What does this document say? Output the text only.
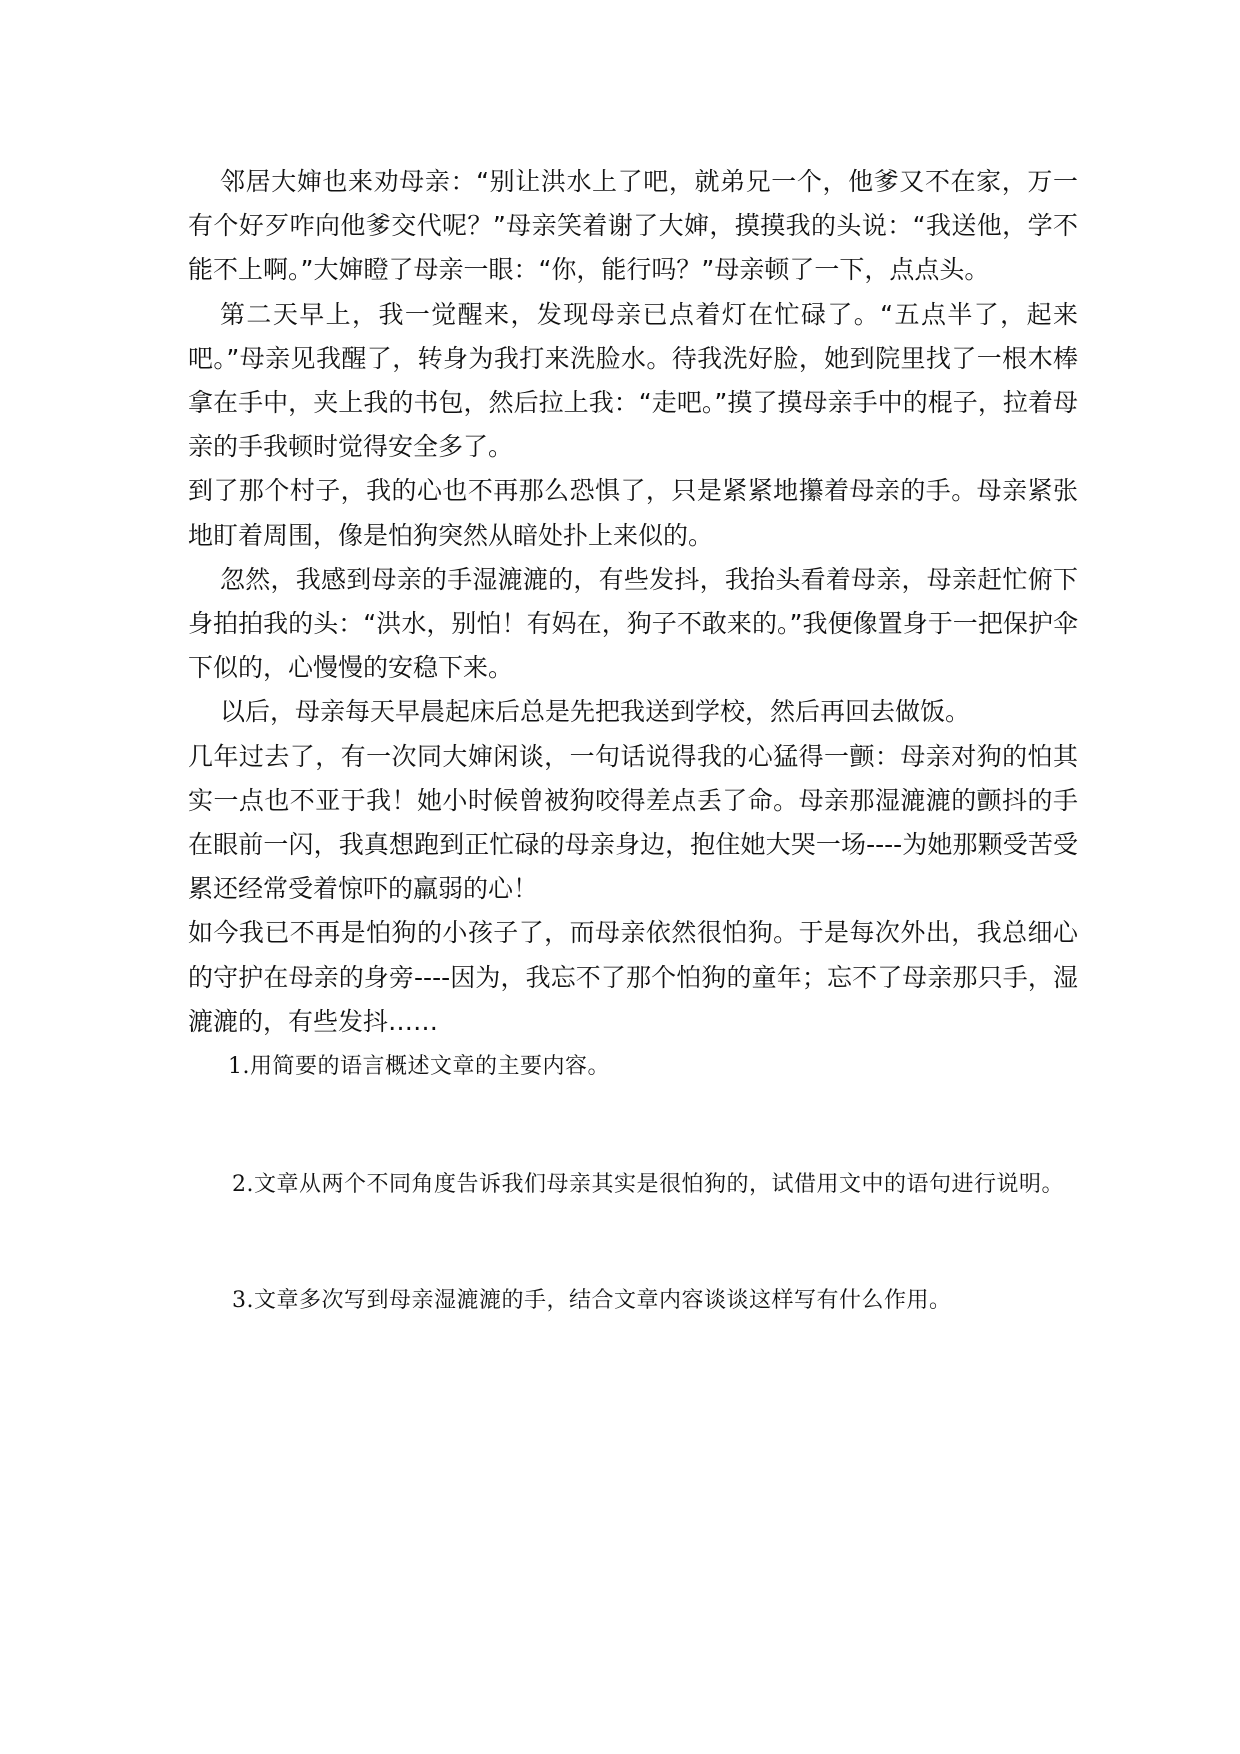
邻居大婶也来劝母亲：“别让洪水上了吧，就弟兄一个，他爹又不在家，万一有个好歹咋向他爹交代呢？”母亲笑着谢了大婶，摸摸我的头说：“我送他，学不能不上啊。”大婶瞪了母亲一眼：“你，能行吗？”母亲顿了一下，点点头。

第二天早上，我一觉醒来，发现母亲已点着灯在忙碌了。“五点半了，起来吧。”母亲见我醒了，转身为我打来洗脸水。待我洗好脸，她到院里找了一根木棒拿在手中，夹上我的书包，然后拉上我：“走吧。”摸了摸母亲手中的棍子，拉着母亲的手我顿时觉得安全多了。

到了那个村子，我的心也不再那么恐惧了，只是紧紧地攥着母亲的手。母亲紧张地盯着周围，像是怕狗突然从暗处扑上来似的。

忽然，我感到母亲的手湿漉漉的，有些发抖，我抬头看着母亲，母亲赶忙俯下身拍拍我的头：“洪水，别怕！有妈在，狗子不敢来的。”我便像置身于一把保护伞下似的，心慢慢的安稳下来。

以后，母亲每天早晨起床后总是先把我送到学校，然后再回去做饭。

几年过去了，有一次同大婶闲谈，一句话说得我的心猛得一颤：母亲对狗的怕其实一点也不亚于我！她小时候曾被狗咬得差点丢了命。母亲那湿漉漉的颤抖的手在眼前一闪，我真想跑到正忙碌的母亲身边，抱住她大哭一场----为她那颗受苦受累还经常受着惊吓的羸弱的心！

如今我已不再是怕狗的小孩子了，而母亲依然很怕狗。于是每次外出，我总细心的守护在母亲的身旁----因为，我忘不了那个怕狗的童年；忘不了母亲那只手，湿漉漉的，有些发抖……

1.用简要的语言概述文章的主要内容。

2.文章从两个不同角度告诉我们母亲其实是很怕狗的，试借用文中的语句进行说明。

3.文章多次写到母亲湿漉漉的手，结合文章内容谈谈这样写有什么作用。
